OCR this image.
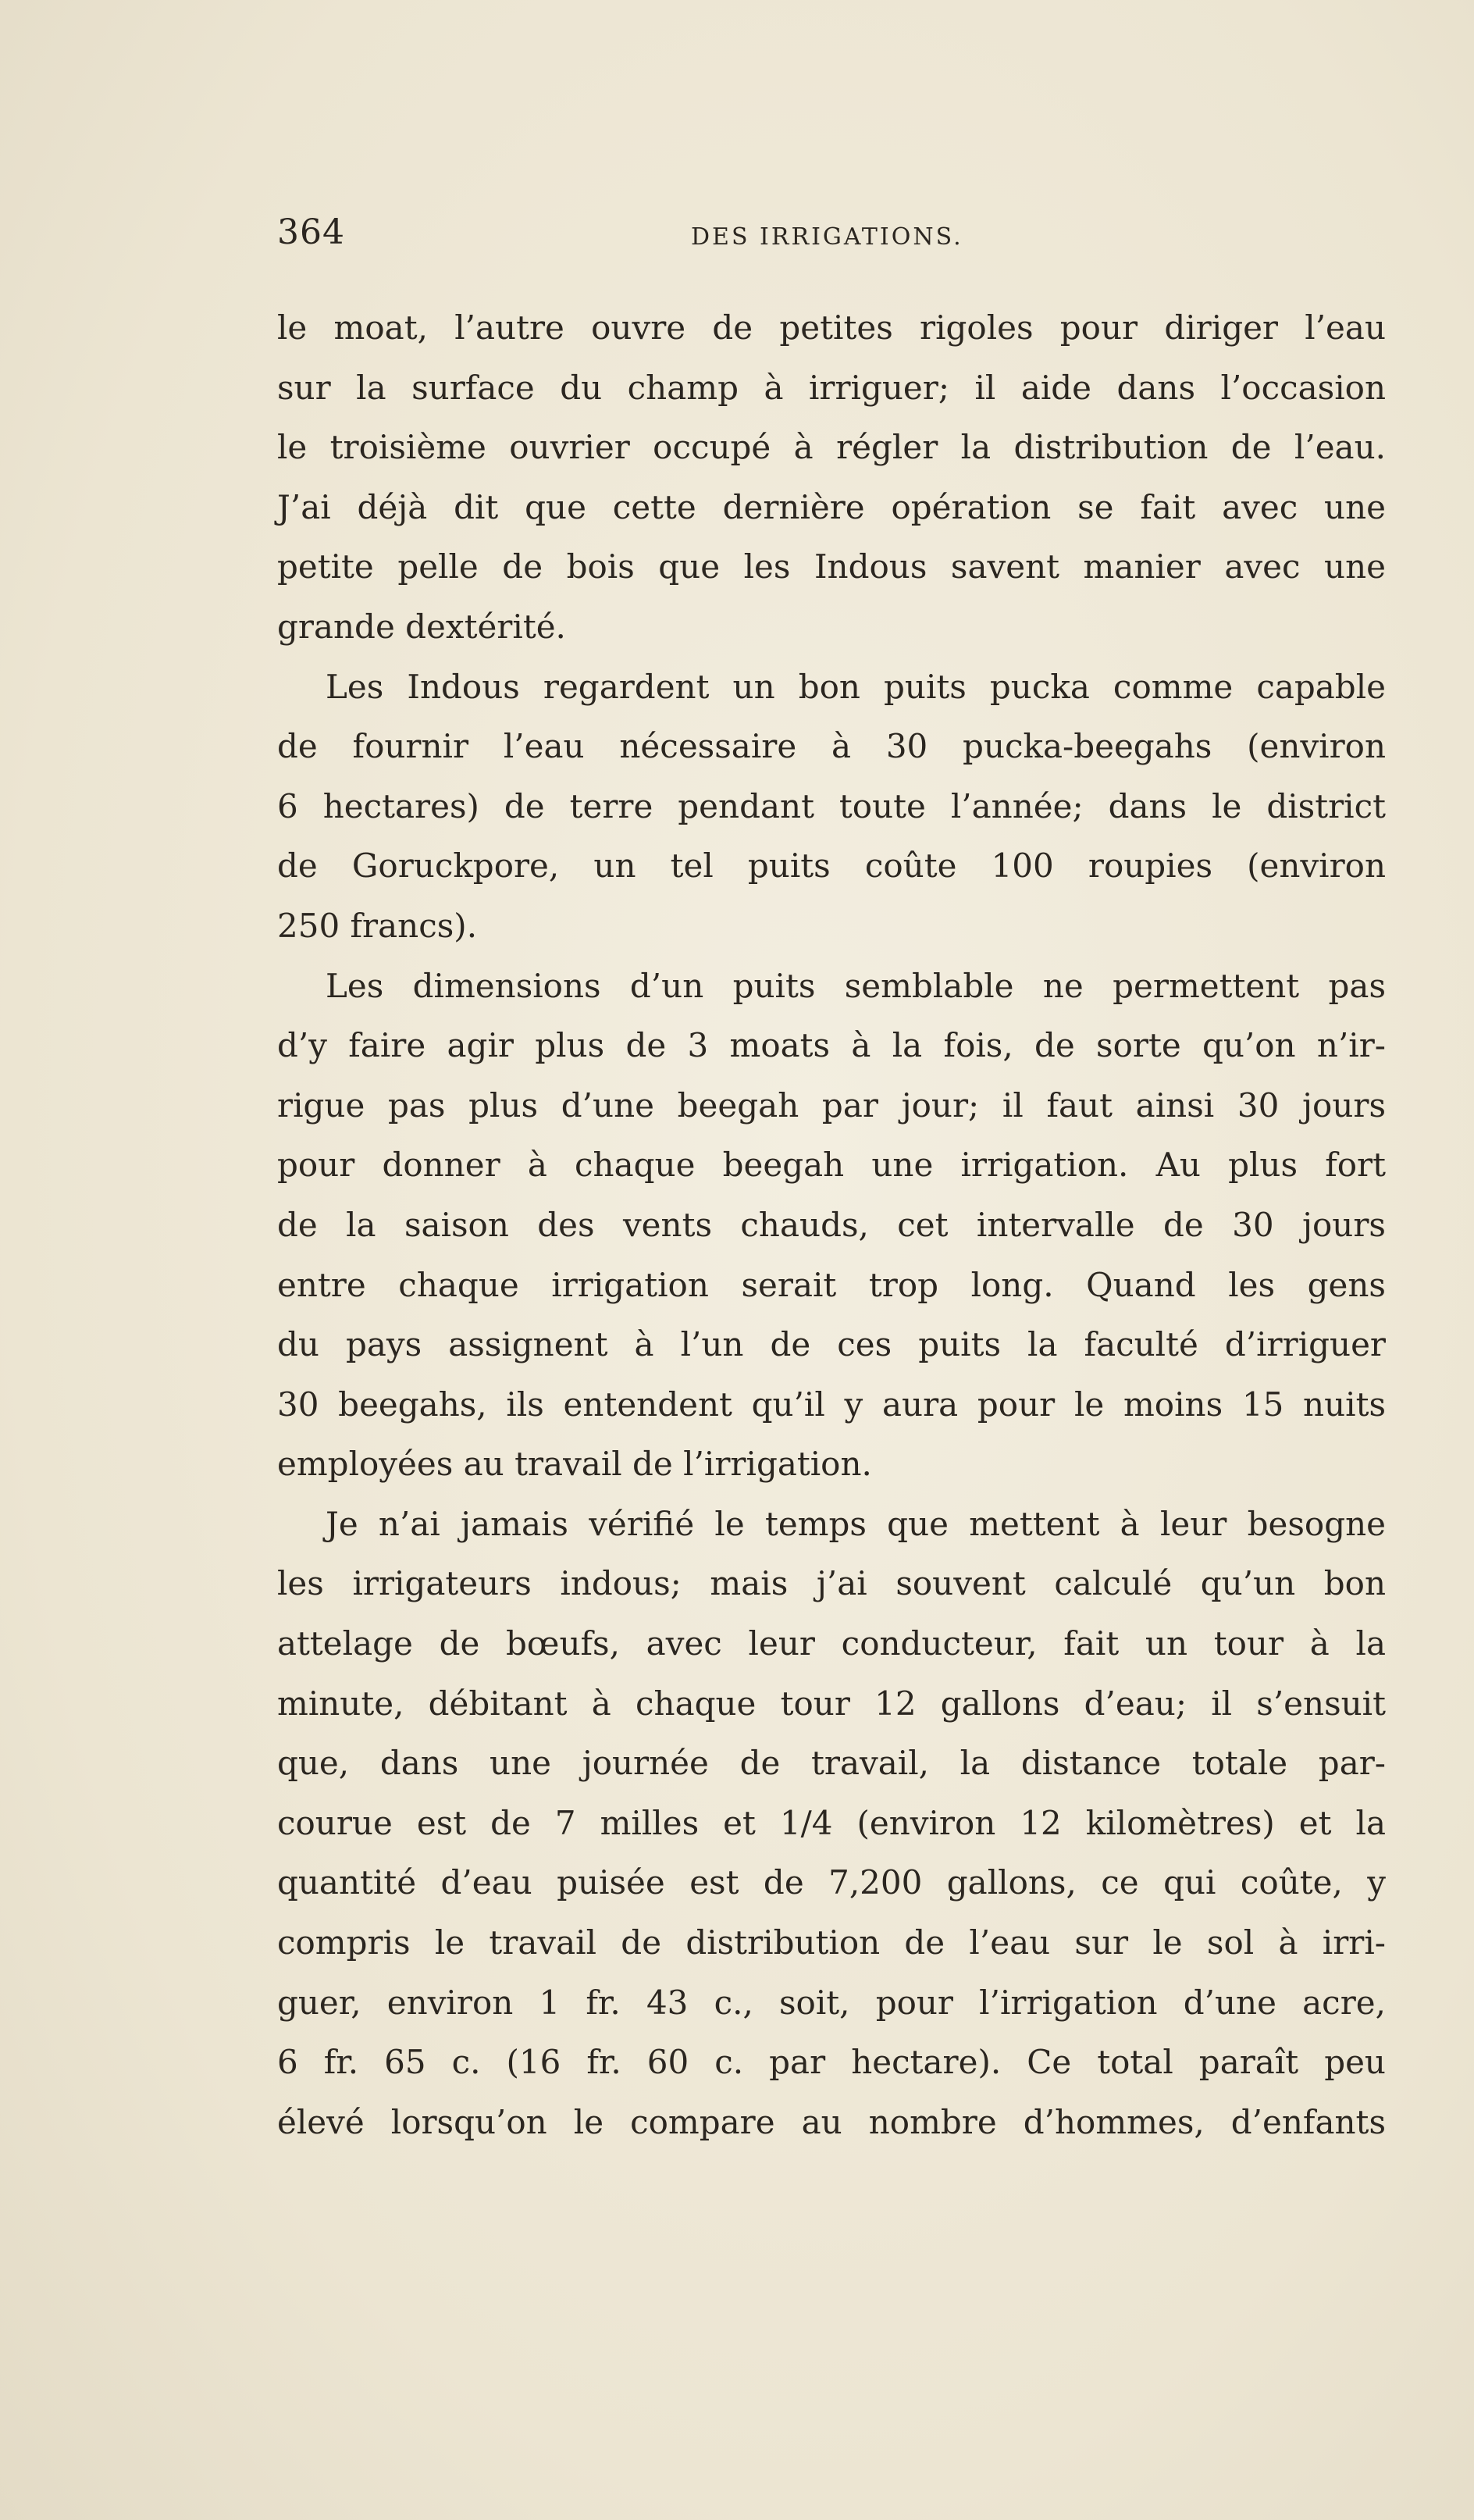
364	DES IRRIGATIONS.
le moat, l’autre ouvre de petites rigoles pour diriger l’eau
sur la surface du champ à irriguer; il aide dans l’occasion
le troisième ouvrier occupé à régler la distribution de l’eau.
J’ai déjà dit que cette dernière opération se fait avec une
petite pelle de bois que les Indous savent manier avec une
grande dextérité.
Les Indous regardent un bon puits pucka comme capable
de fournir l’eau nécessaire à 30 pucka-beegahs (environ
6 hectares) de terre pendant toute l’année; dans le district
de Goruckpore, un tel puits coûte 100 roupies (environ
250 francs).
Les dimensions d’un puits semblable ne permettent pas
d’y faire agir plus de 3 moats à la fois, de sorte qu’on n’ir-
rigue pas plus d’une beegah par jour; il faut ainsi 30 jours
pour donner à chaque beegah une irrigation. Au plus fort
de la saison des vents chauds, cet intervalle de 30 jours
entre chaque irrigation serait trop long. Quand les gens
du pays assignent à l’un de ces puits la faculté d’irriguer
30 beegahs, ils entendent qu’il y aura pour le moins 15 nuits
employées au travail de l’irrigation.
Je n’ai jamais vérifié le temps que mettent à leur besogne
les irrigateurs indous; mais j’ai souvent calculé qu’un bon
attelage de bœufs, avec leur conducteur, fait un tour à la
minute, débitant à chaque tour 12 gallons d’eau; il s’ensuit
que, dans une journée de travail, la distance totale par-
courue est de 7 milles et 1/4 (environ 12 kilomètres) et la
quantité d’eau puisée est de 7,200 gallons, ce qui coûte, y
compris le travail de distribution de l’eau sur le sol à irri-
guer, environ 1 fr. 43 c., soit, pour l’irrigation d’une acre,
6 fr. 65 c. (16 fr. 60 c. par hectare). Ce total paraît peu
élevé lorsqu’on le compare au nombre d’hommes, d’enfants
